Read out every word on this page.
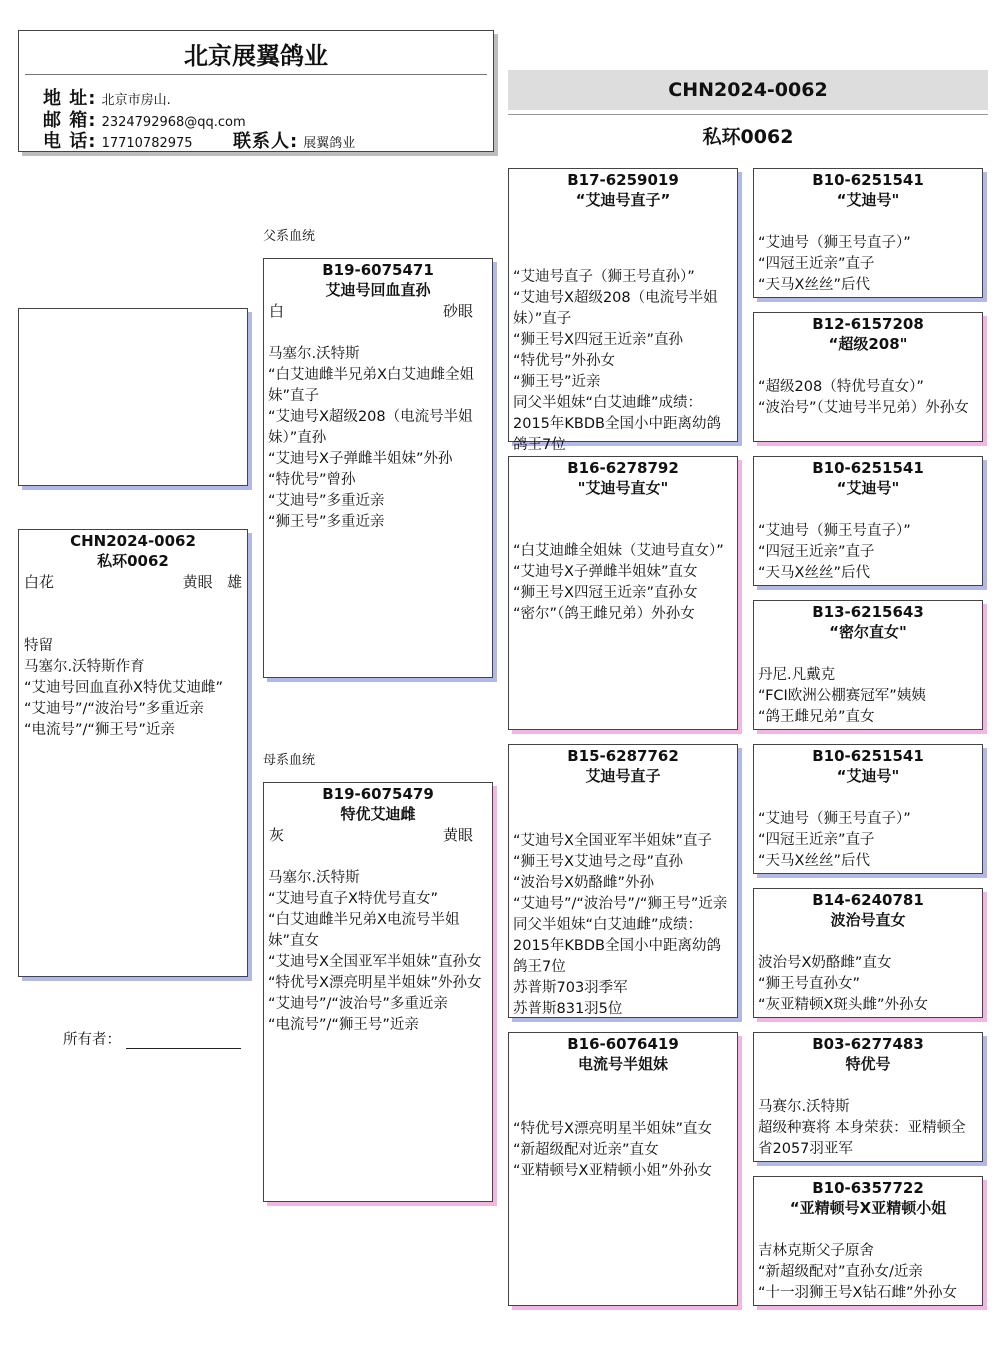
北京展翼鸽业
地 址: 北京市房山.
邮 箱: 2324792968@qq.com
电 话: 17710782975 联系人: 展翼鸽业
CHN2024-0062
私环0062
CHN2024-0062
私环0062
白花	黄眼 雄
特留
马塞尔.沃特斯作育
“艾迪号回血直孙X特优艾迪雌”
“艾迪号”/“波治号”多重近亲
“电流号”/“狮王号”近亲
所有者：
父系血统
母系血统
B19-6075471
艾迪号回血直孙
白	砂眼
马塞尔.沃特斯
“白艾迪雌半兄弟X白艾迪雌全姐妹”直子
“艾迪号X超级208（电流号半姐妹）”直孙
“艾迪号X子弹雌半姐妹”外孙
“特优号”曾孙
“艾迪号”多重近亲
“狮王号”多重近亲
B19-6075479
特优艾迪雌
灰	黄眼
马塞尔.沃特斯
“艾迪号直子X特优号直女”
“白艾迪雌半兄弟X电流号半姐妹”直女
“艾迪号X全国亚军半姐妹”直孙女
“特优号X漂亮明星半姐妹”外孙女
“艾迪号”/“波治号”多重近亲
“电流号”/“狮王号”近亲
B17-6259019
“艾迪号直子”
“艾迪号直子（狮王号直孙）”
“艾迪号X超级208（电流号半姐妹）”直子
“狮王号X四冠王近亲”直孙
“特优号”外孙女
“狮王号”近亲
同父半姐妹“白艾迪雌”成绩：2015年KBDB全国小中距离幼鸽鸽王7位
B16-6278792
"艾迪号直女"
“白艾迪雌全姐妹（艾迪号直女）”
“艾迪号X子弹雌半姐妹”直女
“狮王号X四冠王近亲”直孙女
“密尔”（鸽王雌兄弟）外孙女
B15-6287762
艾迪号直子
“艾迪号X全国亚军半姐妹”直子
“狮王号X艾迪号之母”直孙
“波治号X奶酪雌”外孙
“艾迪号”/“波治号”/“狮王号”近亲
同父半姐妹“白艾迪雌”成绩：2015年KBDB全国小中距离幼鸽鸽王7位
苏普斯703羽季军
苏普斯831羽5位
B16-6076419
电流号半姐妹
“特优号X漂亮明星半姐妹”直女
“新超级配对近亲”直女
“亚精顿号X亚精顿小姐”外孙女
B10-6251541
“艾迪号"
“艾迪号（狮王号直子）”
“四冠王近亲”直子
“天马X丝丝”后代
B12-6157208
“超级208"
“超级208（特优号直女）”
“波治号”（艾迪号半兄弟）外孙女
B10-6251541
“艾迪号"
“艾迪号（狮王号直子）”
“四冠王近亲”直子
“天马X丝丝”后代
B13-6215643
“密尔直女"
丹尼.凡戴克
“FCI欧洲公棚赛冠军”姨姨
“鸽王雌兄弟”直女
B10-6251541
“艾迪号"
“艾迪号（狮王号直子）”
“四冠王近亲”直子
“天马X丝丝”后代
B14-6240781
波治号直女
波治号X奶酪雌”直女
“狮王号直孙女”
“灰亚精顿X斑头雌”外孙女
B03-6277483
特优号
马赛尔.沃特斯
超级种赛将 本身荣获：亚精顿全省2057羽亚军
B10-6357722
“亚精顿号X亚精顿小姐
吉林克斯父子原舍
“新超级配对”直孙女/近亲
“十一羽狮王号X钻石雌”外孙女
